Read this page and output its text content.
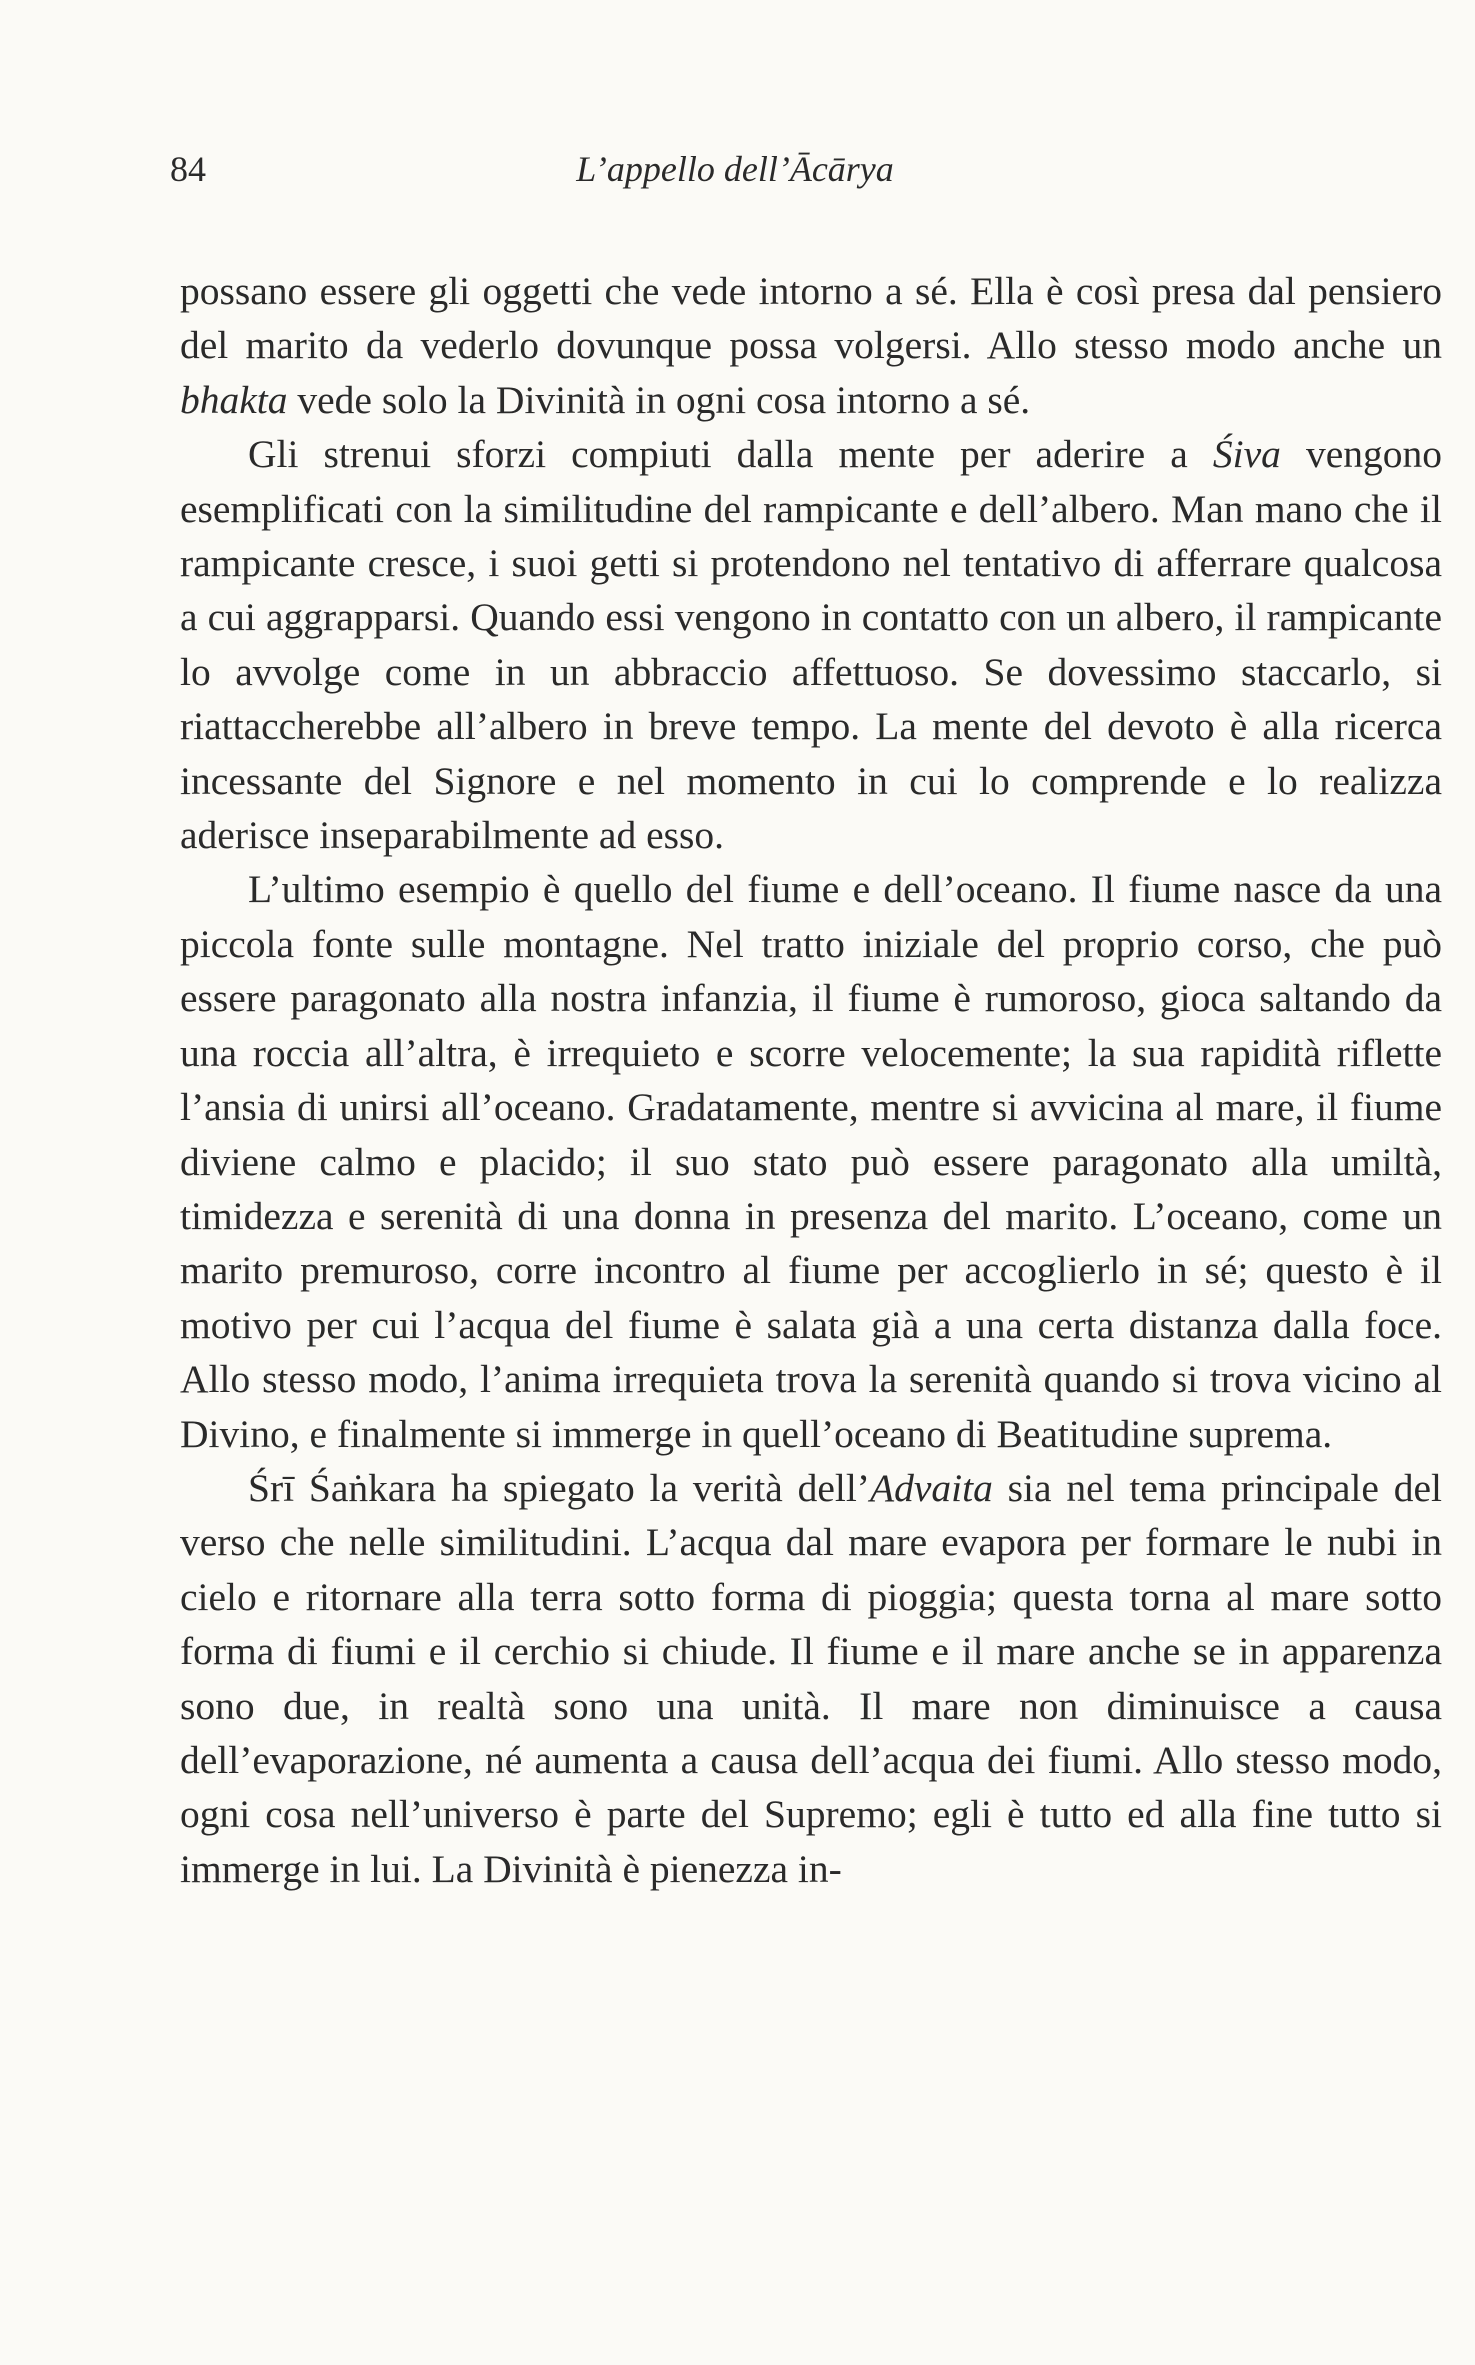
84	L’appello dell’Ācārya

possano essere gli oggetti che vede intorno a sé. Ella è così presa dal pensiero del marito da vederlo dovunque possa volgersi. Allo stesso modo anche un bhakta vede solo la Divinità in ogni cosa intorno a sé.

Gli strenui sforzi compiuti dalla mente per aderire a Śiva vengono esemplificati con la similitudine del rampicante e dell’albero. Man mano che il rampicante cresce, i suoi getti si protendono nel tentativo di afferrare qualcosa a cui aggrapparsi. Quando essi vengono in contatto con un albero, il rampicante lo avvolge come in un abbraccio affettuoso. Se dovessimo staccarlo, si riattaccherebbe all’albero in breve tempo. La mente del devoto è alla ricerca incessante del Signore e nel momento in cui lo comprende e lo realizza aderisce inseparabilmente ad esso.

L’ultimo esempio è quello del fiume e dell’oceano. Il fiume nasce da una piccola fonte sulle montagne. Nel tratto iniziale del proprio corso, che può essere paragonato alla nostra infanzia, il fiume è rumoroso, gioca saltando da una roccia all’altra, è irrequieto e scorre velocemente; la sua rapidità riflette l’ansia di unirsi all’oceano. Gradatamente, mentre si avvicina al mare, il fiume diviene calmo e placido; il suo stato può essere paragonato alla umiltà, timidezza e serenità di una donna in presenza del marito. L’oceano, come un marito premuroso, corre incontro al fiume per accoglierlo in sé; questo è il motivo per cui l’acqua del fiume è salata già a una certa distanza dalla foce. Allo stesso modo, l’anima irrequieta trova la serenità quando si trova vicino al Divino, e finalmente si immerge in quell’oceano di Beatitudine suprema.

Śrī Śaṅkara ha spiegato la verità dell’Advaita sia nel tema principale del verso che nelle similitudini. L’acqua dal mare evapora per formare le nubi in cielo e ritornare alla terra sotto forma di pioggia; questa torna al mare sotto forma di fiumi e il cerchio si chiude. Il fiume e il mare anche se in apparenza sono due, in realtà sono una unità. Il mare non diminuisce a causa dell’evaporazione, né aumenta a causa dell’acqua dei fiumi. Allo stesso modo, ogni cosa nell’universo è parte del Supremo; egli è tutto ed alla fine tutto si immerge in lui. La Divinità è pienezza in-
